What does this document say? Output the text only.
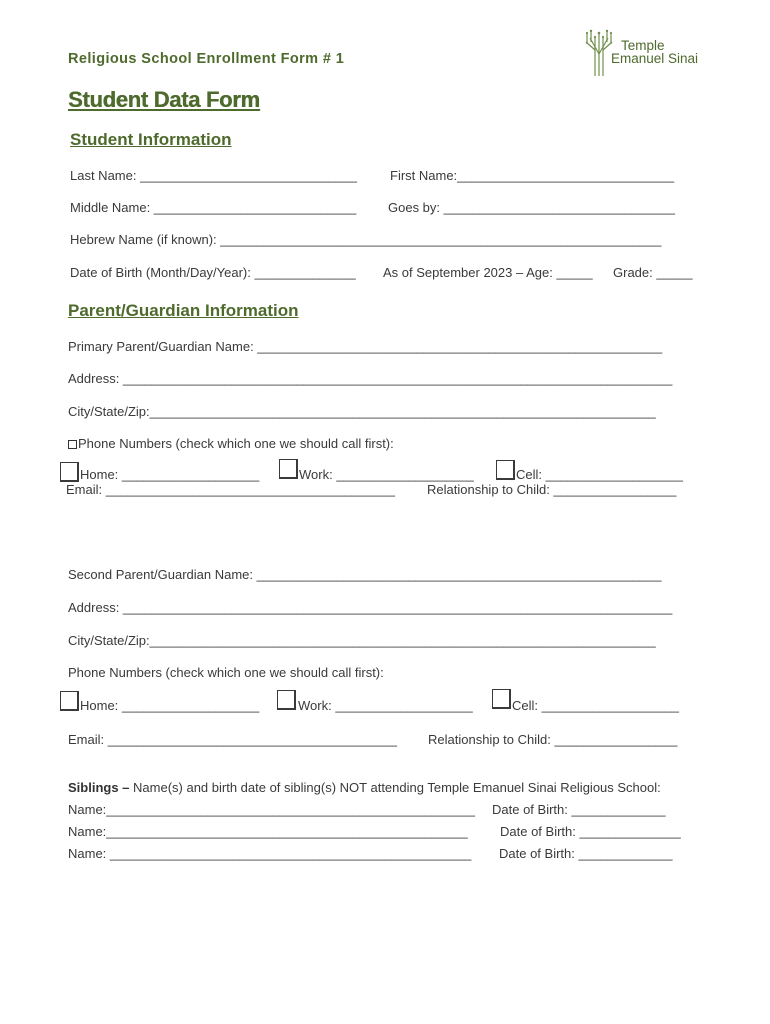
Religious School Enrollment Form # 1
Temple
Emanuel Sinai
Student Data Form
Student Information
Last Name: ______________________________	First Name:______________________________
Middle Name: ____________________________ Goes by: ________________________________
Hebrew Name (if known): _____________________________________________________________
Date of Birth (Month/Day/Year): ______________ As of September 2023 – Age: _____ Grade: _____
Parent/Guardian Information
Primary Parent/Guardian Name: ________________________________________________________
Address: ____________________________________________________________________________
City/State/Zip:______________________________________________________________________
Phone Numbers (check which one we should call first):
Home: ___________________	Work: ___________________	Cell: ___________________
Email: ________________________________________ Relationship to Child: _________________
Second Parent/Guardian Name: ________________________________________________________
Address: ____________________________________________________________________________
City/State/Zip:______________________________________________________________________
Phone Numbers (check which one we should call first):
Home: ___________________	Work: ___________________	Cell: ___________________
Email: ________________________________________ Relationship to Child: _________________
Siblings – Name(s) and birth date of sibling(s) NOT attending Temple Emanuel Sinai Religious School:
Name:___________________________________________________ Date of Birth: _____________
Name:__________________________________________________ Date of Birth: ______________
Name: __________________________________________________ Date of Birth: _____________
